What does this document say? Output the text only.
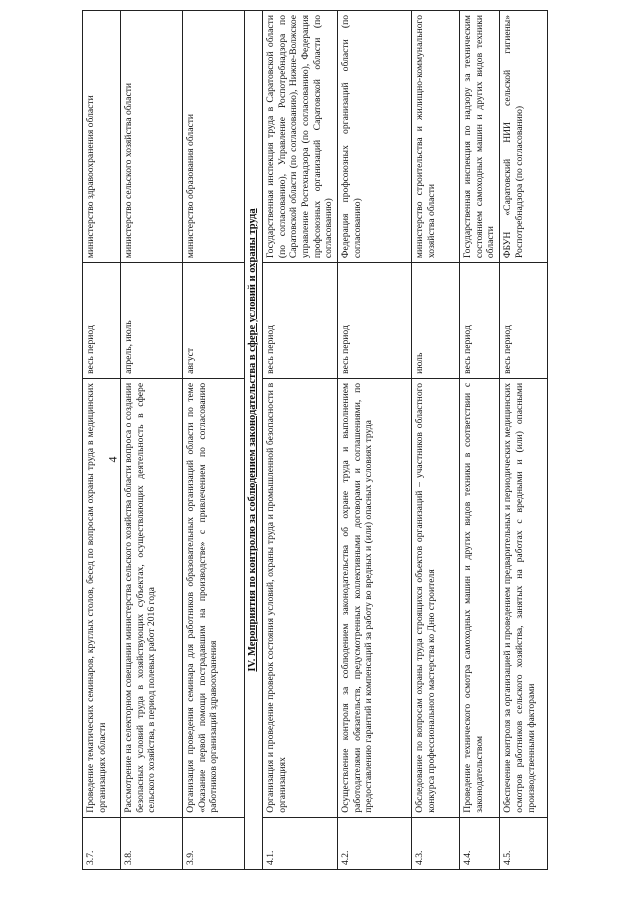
4
3.7.	Проведение тематических семинаров, круглых столов, бесед по вопросам охраны труда в медицинских организациях области	весь период	министерство здравоохранения области
3.8.	Рассмотрение на селекторном совещании министерства сельского хозяйства области вопроса о создании безопасных условий труда в хозяйствующих субъектах, осуществляющих деятельность в сфере сельского хозяйства, в период полевых работ 2016 года	апрель, июль	министерство сельского хозяйства области
3.9.	Организация проведения семинара для работников образовательных организаций области по теме «Оказание первой помощи пострадавшим на производстве» с привлечением по согласованию работников организаций здравоохранения	август	министерство образования области
IV. Мероприятия по контролю за соблюдением законодательства в сфере условий и охраны труда			
4.1.	Организация и проведение проверок состояния условий, охраны труда и промышленной безопасности в организациях	весь период	Государственная инспекция труда в Саратовской области (по согласованию), Управление Роспотребнадзора по Саратовской области (по согласованию), Нижне-Волжское управление Ростехнадзора (по согласованию), Федерация профсоюзных организаций Саратовской области (по согласованию)
4.2.	Осуществление контроля за соблюдением законодательства об охране труда и выполнением работодателями обязательств, предусмотренных коллективными договорами и соглашениями, по предоставлению гарантий и компенсаций за работу во вредных и (или) опасных условиях труда	весь период	Федерация профсоюзных организаций области (по согласованию)
4.3.	Обследование по вопросам охраны труда строящихся объектов организаций – участников областного конкурса профессионального мастерства ко Дню строителя	июль	министерство строительства и жилищно-коммунального хозяйства области
4.4.	Проведение технического осмотра самоходных машин и других видов техники в соответствии с законодательством	весь период	Государственная инспекция по надзору за техническим состоянием самоходных машин и других видов техники области
4.5.	Обеспечение контроля за организацией и проведением предварительных и периодических медицинских осмотров работников сельского хозяйства, занятых на работах с вредными и (или) опасными производственными факторами	весь период	ФБУН «Саратовский НИИ сельской гигиены» Роспотребнадзора (по согласованию)
